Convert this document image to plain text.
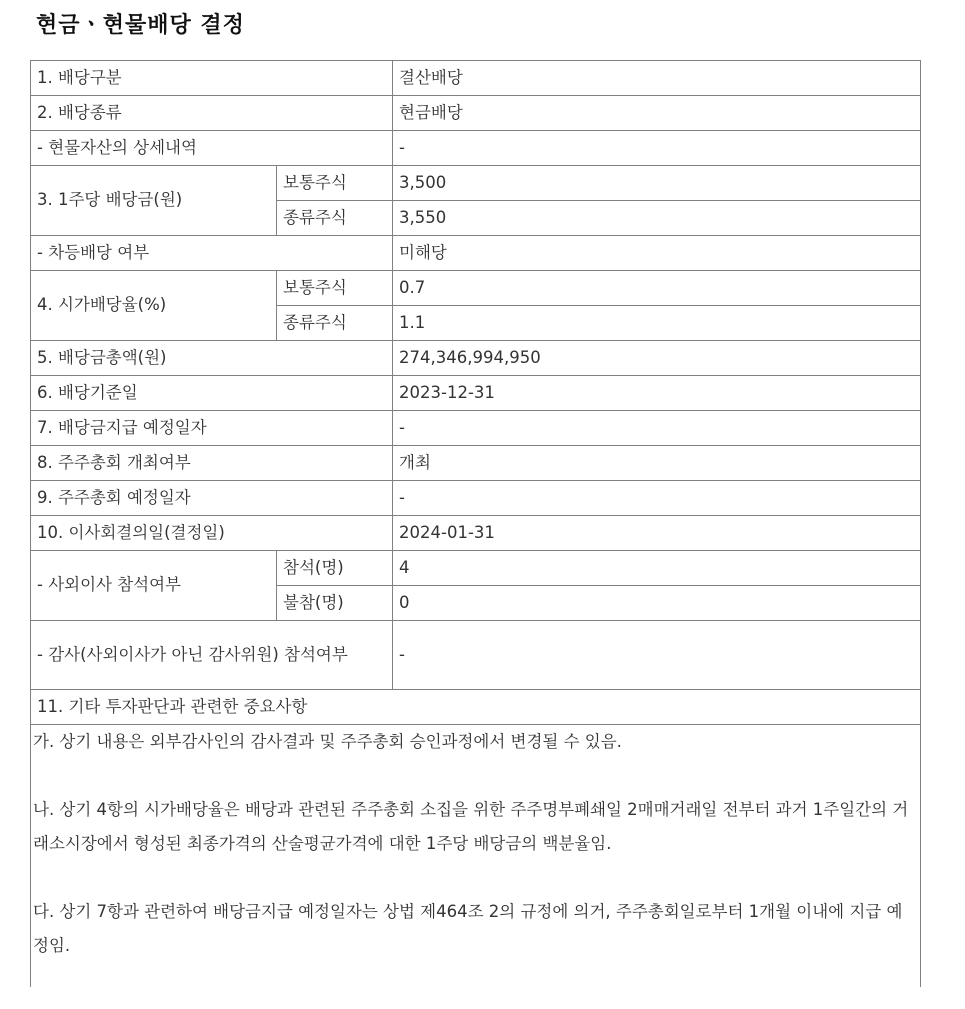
현금ㆍ현물배당 결정
1. 배당구분		결산배당
2. 배당종류		현금배당
- 현물자산의 상세내역		-
3. 1주당 배당금(원)	보통주식	3,500
	종류주식	3,550
- 차등배당 여부		미해당
4. 시가배당율(%)	보통주식	0.7
	종류주식	1.1
5. 배당금총액(원)		274,346,994,950
6. 배당기준일		2023-12-31
7. 배당금지급 예정일자		-
8. 주주총회 개최여부		개최
9. 주주총회 예정일자		-
10. 이사회결의일(결정일)		2024-01-31
- 사외이사 참석여부	참석(명)	4
	불참(명)	0
- 감사(사외이사가 아닌 감사위원) 참석여부		-
11. 기타 투자판단과 관련한 중요사항		

가. 상기 내용은 외부감사인의 감사결과 및 주주총회 승인과정에서 변경될 수 있음.

나. 상기 4항의 시가배당율은 배당과 관련된 주주총회 소집을 위한 주주명부폐쇄일 2매매거래일 전부터 과거 1주일간의 거래소시장에서 형성된 최종가격의 산술평균가격에 대한 1주당 배당금의 백분율임.

다. 상기 7항과 관련하여 배당금지급 예정일자는 상법 제464조 2의 규정에 의거, 주주총회일로부터 1개월 이내에 지급 예정임.		
